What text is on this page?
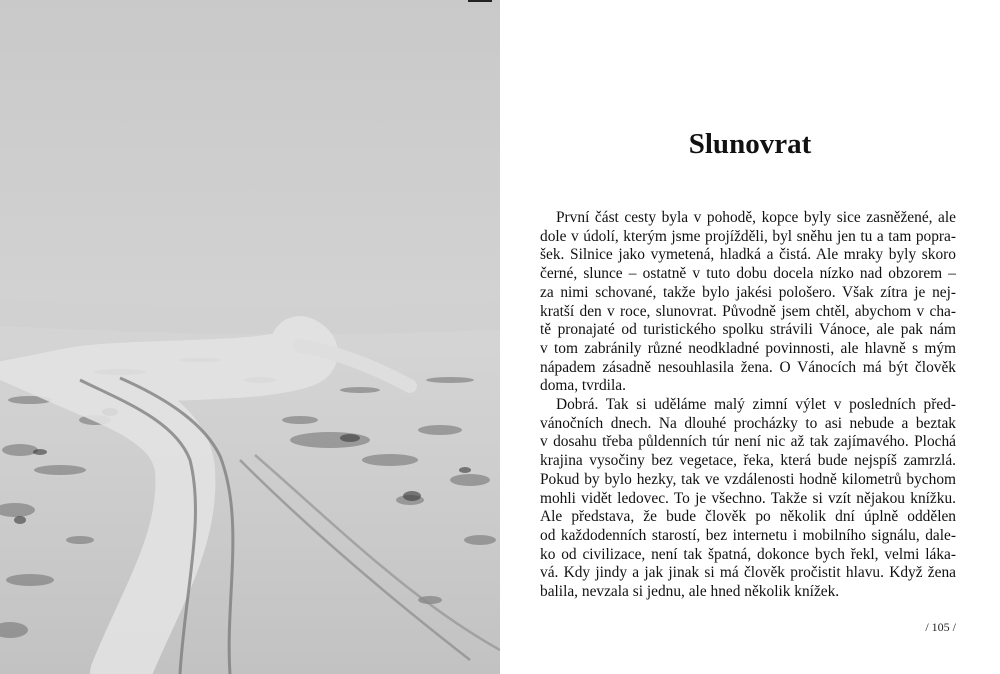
Slunovrat
První část cesty byla v pohodě, kopce byly sice zasněžené, ale
dole v údolí, kterým jsme projížděli, byl sněhu jen tu a tam popra-
šek. Silnice jako vymetená, hladká a čistá. Ale mraky byly skoro
černé, slunce – ostatně v tuto dobu docela nízko nad obzorem –
za nimi schované, takže bylo jakési pološero. Však zítra je nej-
kratší den v roce, slunovrat. Původně jsem chtěl, abychom v cha-
tě pronajaté od turistického spolku strávili Vánoce, ale pak nám
v tom zabránily různé neodkladné povinnosti, ale hlavně s mým
nápadem zásadně nesouhlasila žena. O Vánocích má být člověk
doma, tvrdila.
Dobrá. Tak si uděláme malý zimní výlet v posledních před-
vánočních dnech. Na dlouhé procházky to asi nebude a beztak
v dosahu třeba půldenních túr není nic až tak zajímavého. Plochá
krajina vysočiny bez vegetace, řeka, která bude nejspíš zamrzlá.
Pokud by bylo hezky, tak ve vzdálenosti hodně kilometrů bychom
mohli vidět ledovec. To je všechno. Takže si vzít nějakou knížku.
Ale představa, že bude člověk po několik dní úplně oddělen
od každodenních starostí, bez internetu i mobilního signálu, dale-
ko od civilizace, není tak špatná, dokonce bych řekl, velmi láka-
vá. Kdy jindy a jak jinak si má člověk pročistit hlavu. Když žena
balila, nevzala si jednu, ale hned několik knížek.
/ 105 /
